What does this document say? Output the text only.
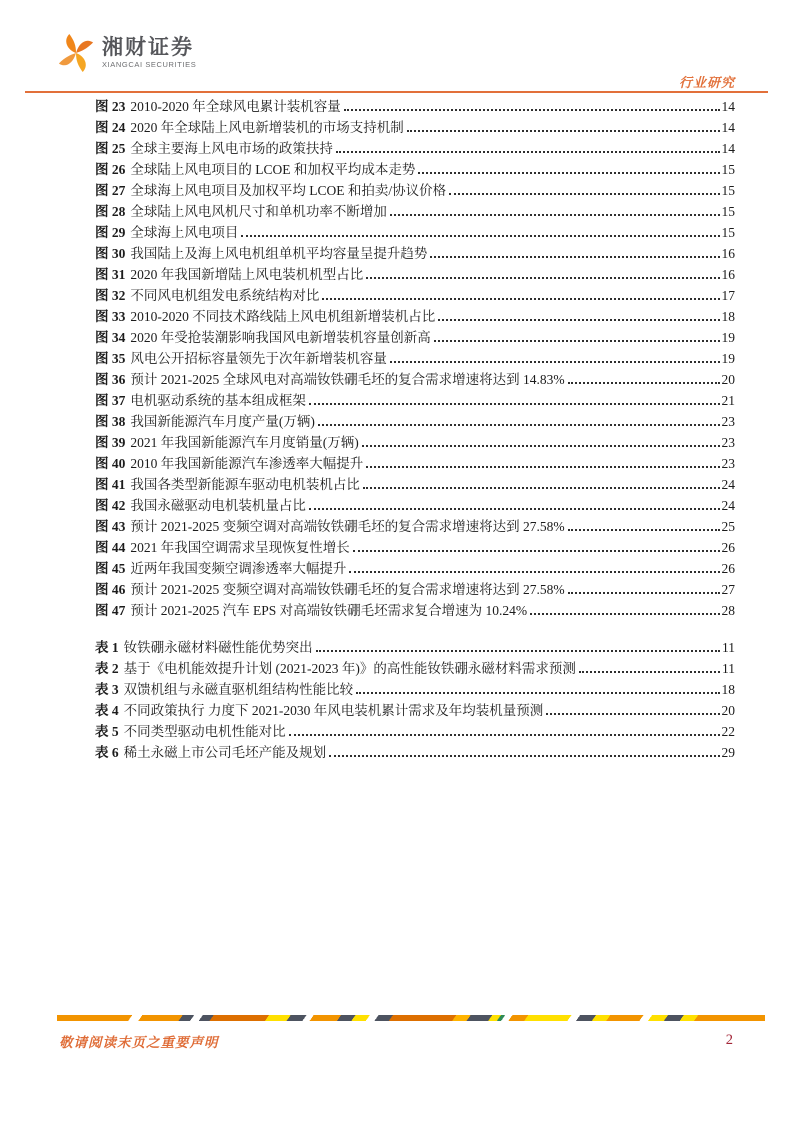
湘财证券
XIANGCAI SECURITIES
行业研究
图 23 2010-2020 年全球风电累计装机容量	14
图 24 2020 年全球陆上风电新增装机的市场支持机制	14
图 25 全球主要海上风电市场的政策扶持	14
图 26 全球陆上风电项目的 LCOE 和加权平均成本走势	15
图 27 全球海上风电项目及加权平均 LCOE 和拍卖/协议价格	15
图 28 全球陆上风电风机尺寸和单机功率不断增加	15
图 29 全球海上风电项目	15
图 30 我国陆上及海上风电机组单机平均容量呈提升趋势	16
图 31 2020 年我国新增陆上风电装机机型占比	16
图 32 不同风电机组发电系统结构对比	17
图 33 2010-2020 不同技术路线陆上风电机组新增装机占比	18
图 34 2020 年受抢装潮影响我国风电新增装机容量创新高	19
图 35 风电公开招标容量领先于次年新增装机容量	19
图 36 预计 2021-2025 全球风电对高端钕铁硼毛坯的复合需求增速将达到 14.83%	20
图 37 电机驱动系统的基本组成框架	21
图 38 我国新能源汽车月度产量(万辆)	23
图 39 2021 年我国新能源汽车月度销量(万辆)	23
图 40 2010 年我国新能源汽车渗透率大幅提升	23
图 41 我国各类型新能源车驱动电机装机占比	24
图 42 我国永磁驱动电机装机量占比	24
图 43 预计 2021-2025 变频空调对高端钕铁硼毛坯的复合需求增速将达到 27.58%	25
图 44 2021 年我国空调需求呈现恢复性增长	26
图 45 近两年我国变频空调渗透率大幅提升	26
图 46 预计 2021-2025 变频空调对高端钕铁硼毛坯的复合需求增速将达到 27.58%	27
图 47 预计 2021-2025 汽车 EPS 对高端钕铁硼毛坯需求复合增速为 10.24%	28
表 1 钕铁硼永磁材料磁性能优势突出	11
表 2 基于《电机能效提升计划 (2021-2023 年)》的高性能钕铁硼永磁材料需求预测	11
表 3 双馈机组与永磁直驱机组结构性能比较	18
表 4 不同政策执行 力度下 2021-2030 年风电装机累计需求及年均装机量预测	20
表 5 不同类型驱动电机性能对比	22
表 6 稀土永磁上市公司毛坯产能及规划	29
敬请阅读末页之重要声明	2
